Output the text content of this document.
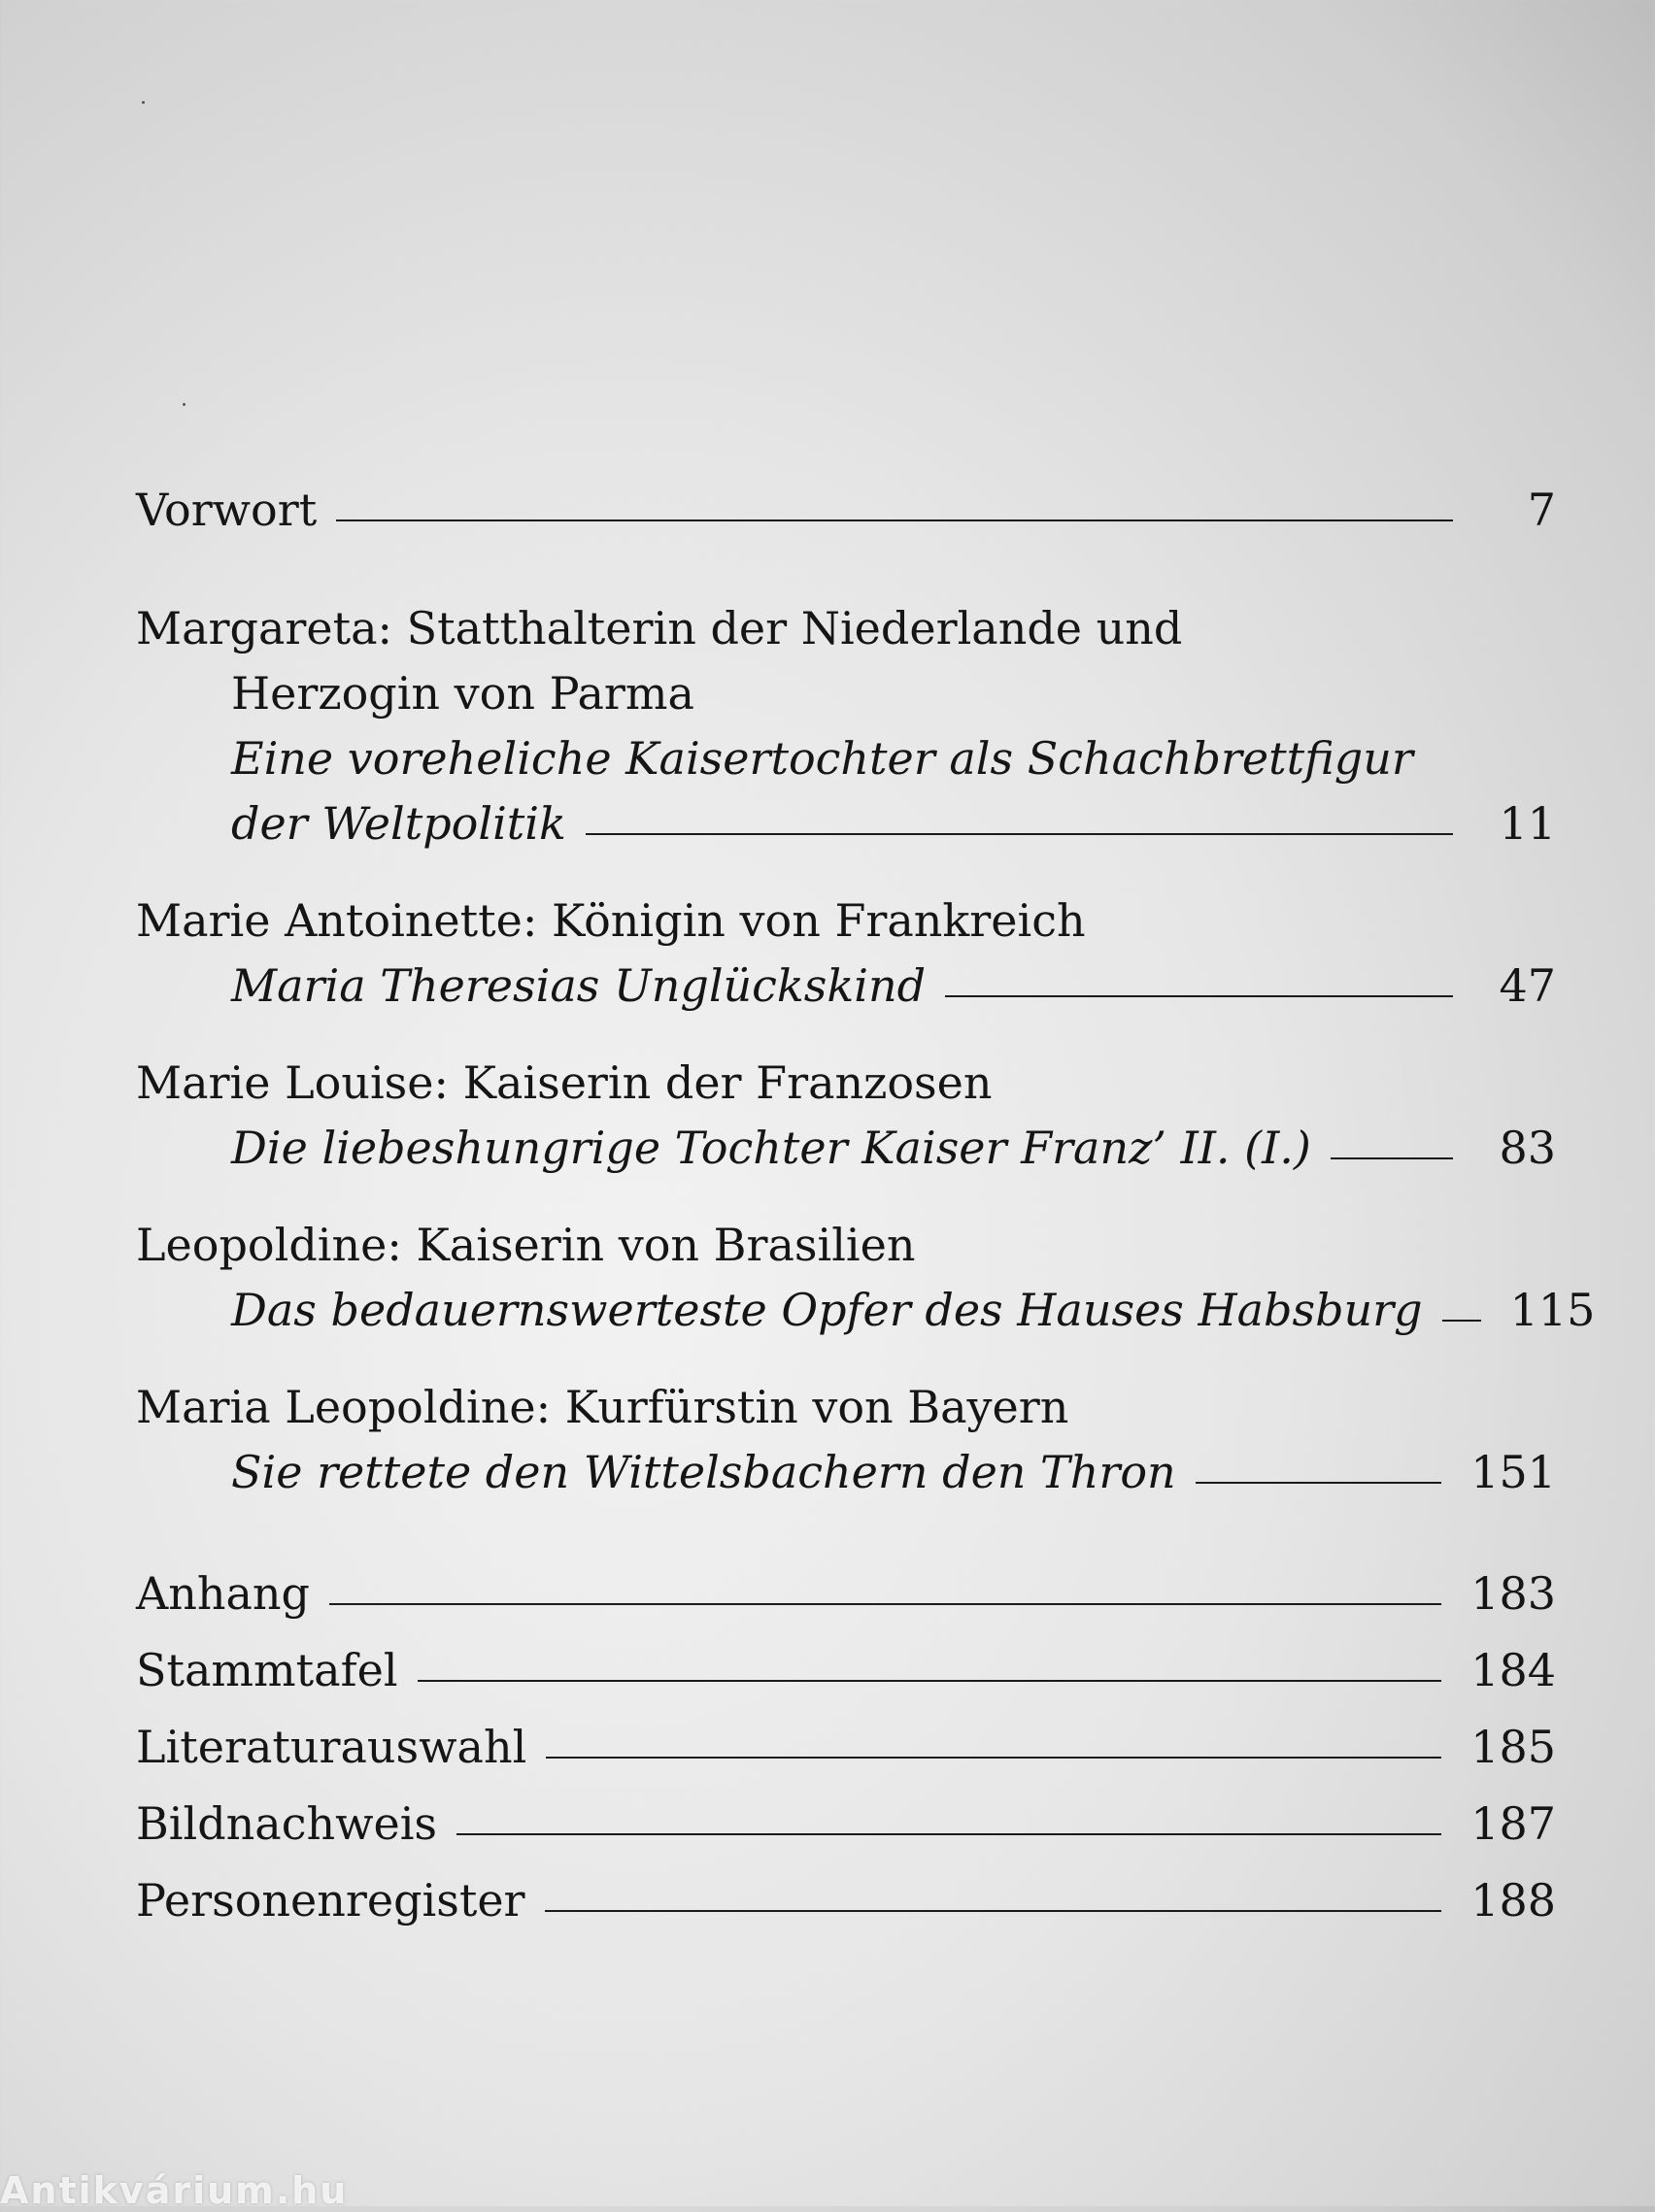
Vorwort	7
Margareta: Statthalterin der Niederlande und
Herzogin von Parma
Eine voreheliche Kaisertochter als Schachbrettfigur
der Weltpolitik	11
Marie Antoinette: Königin von Frankreich
Maria Theresias Unglückskind	47
Marie Louise: Kaiserin der Franzosen
Die liebeshungrige Tochter Kaiser Franz’ II. (I.)	83
Leopoldine: Kaiserin von Brasilien
Das bedauernswerteste Opfer des Hauses Habsburg 115
Maria Leopoldine: Kurfürstin von Bayern
Sie rettete den Wittelsbachern den Thron	151
Anhang	183
Stammtafel	184
Literaturauswahl	185
Bildnachweis	187
Personenregister	188
Antikvárium.hu
